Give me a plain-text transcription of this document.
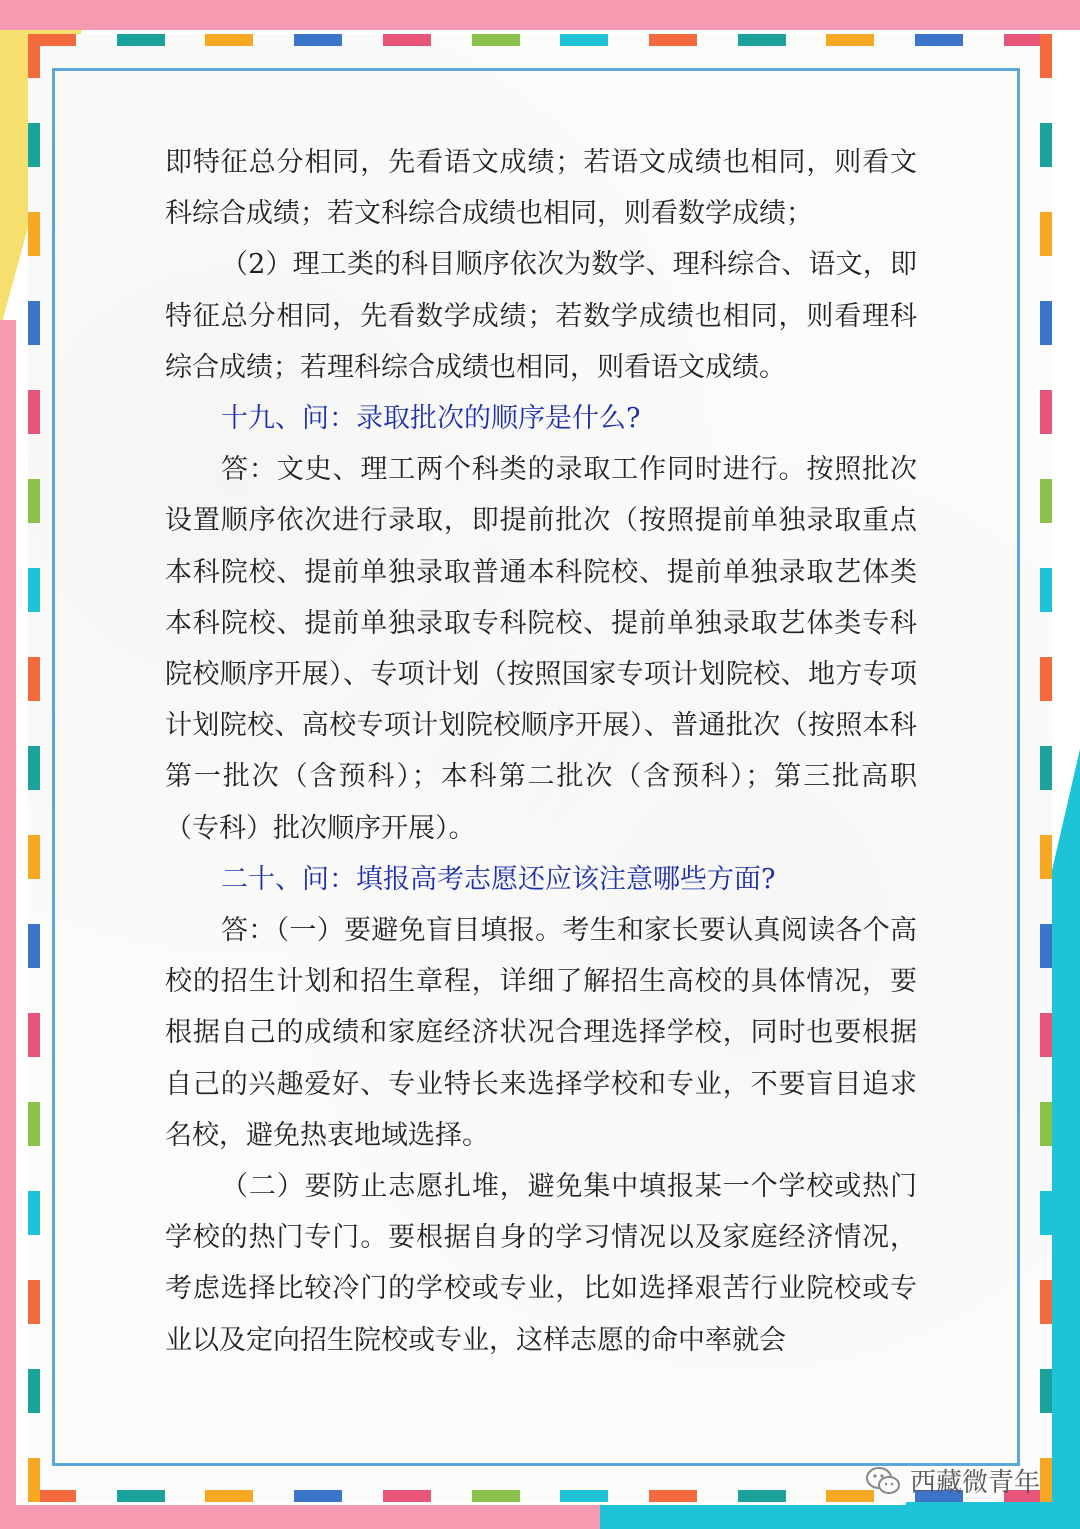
即特征总分相同，先看语文成绩；若语文成绩也相同，则看文科综合成绩；若文科综合成绩也相同，则看数学成绩；

（2）理工类的科目顺序依次为数学、理科综合、语文，即特征总分相同，先看数学成绩；若数学成绩也相同，则看理科综合成绩；若理科综合成绩也相同，则看语文成绩。

十九、问：录取批次的顺序是什么?

答：文史、理工两个科类的录取工作同时进行。按照批次设置顺序依次进行录取，即提前批次（按照提前单独录取重点本科院校、提前单独录取普通本科院校、提前单独录取艺体类本科院校、提前单独录取专科院校、提前单独录取艺体类专科院校顺序开展）、专项计划（按照国家专项计划院校、地方专项计划院校、高校专项计划院校顺序开展）、普通批次（按照本科第一批次（含预科）；本科第二批次（含预科）；第三批高职（专科）批次顺序开展）。

二十、问：填报高考志愿还应该注意哪些方面?

答：（一）要避免盲目填报。考生和家长要认真阅读各个高校的招生计划和招生章程，详细了解招生高校的具体情况，要根据自己的成绩和家庭经济状况合理选择学校，同时也要根据自己的兴趣爱好、专业特长来选择学校和专业，不要盲目追求名校，避免热衷地域选择。

（二）要防止志愿扎堆，避免集中填报某一个学校或热门学校的热门专门。要根据自身的学习情况以及家庭经济情况，考虑选择比较冷门的学校或专业，比如选择艰苦行业院校或专业以及定向招生院校或专业，这样志愿的命中率就会

西藏微青年
